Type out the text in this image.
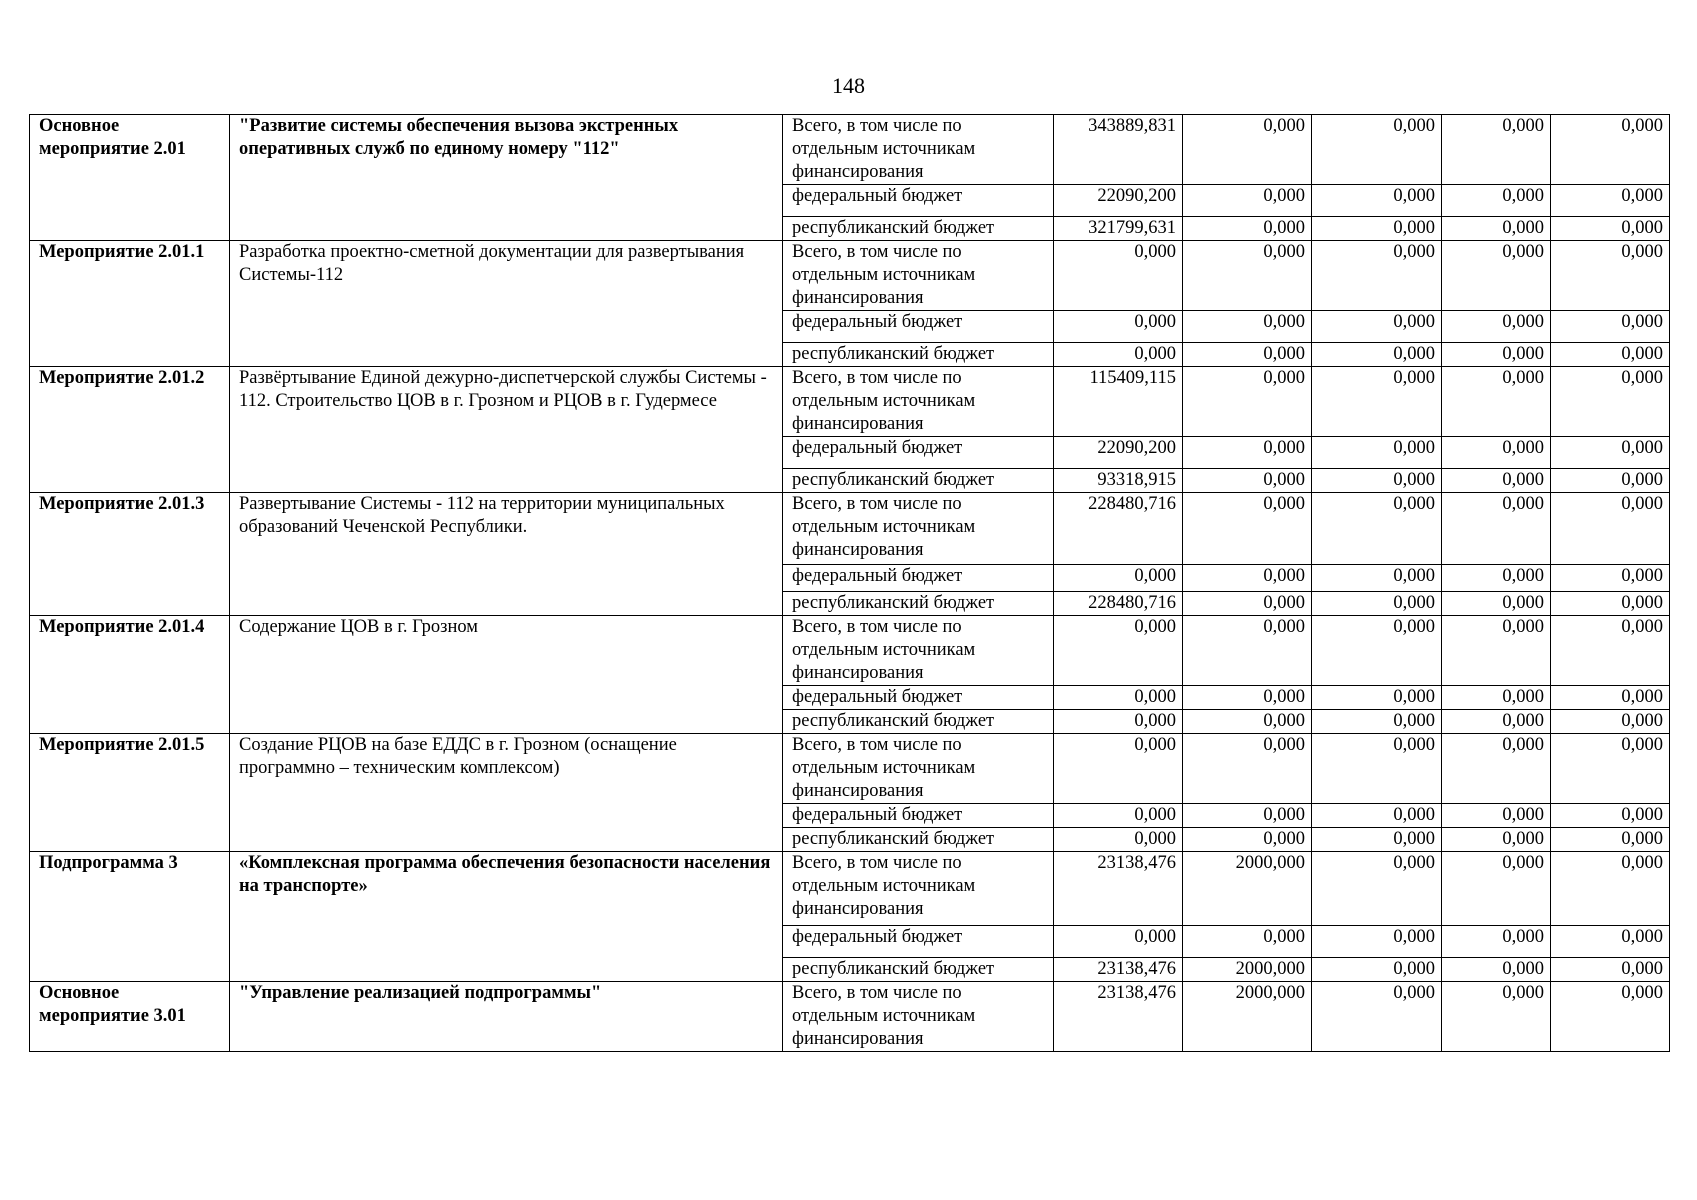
148
Основное мероприятие 2.01	"Развитие системы обеспечения вызова экстренных оперативных служб по единому номеру "112"	Всего, в том числе по отдельным источникам финансирования	343889,831	0,000	0,000	0,000	0,000
		федеральный бюджет	22090,200	0,000	0,000	0,000	0,000
		республиканский бюджет	321799,631	0,000	0,000	0,000	0,000
Мероприятие 2.01.1	Разработка проектно-сметной документации для развертывания Системы-112	Всего, в том числе по отдельным источникам финансирования	0,000	0,000	0,000	0,000	0,000
		федеральный бюджет	0,000	0,000	0,000	0,000	0,000
		республиканский бюджет	0,000	0,000	0,000	0,000	0,000
Мероприятие 2.01.2	Развёртывание Единой дежурно-диспетчерской службы Системы - 112. Строительство ЦОВ в г. Грозном и РЦОВ в г. Гудермесе	Всего, в том числе по отдельным источникам финансирования	115409,115	0,000	0,000	0,000	0,000
		федеральный бюджет	22090,200	0,000	0,000	0,000	0,000
		республиканский бюджет	93318,915	0,000	0,000	0,000	0,000
Мероприятие 2.01.3	Развертывание Системы - 112 на территории муниципальных образований Чеченской Республики.	Всего, в том числе по отдельным источникам финансирования	228480,716	0,000	0,000	0,000	0,000
		федеральный бюджет	0,000	0,000	0,000	0,000	0,000
		республиканский бюджет	228480,716	0,000	0,000	0,000	0,000
Мероприятие 2.01.4	Содержание ЦОВ в г. Грозном	Всего, в том числе по отдельным источникам финансирования	0,000	0,000	0,000	0,000	0,000
		федеральный бюджет	0,000	0,000	0,000	0,000	0,000
		республиканский бюджет	0,000	0,000	0,000	0,000	0,000
Мероприятие 2.01.5	Создание РЦОВ на базе ЕДДС в г. Грозном (оснащение программно – техническим комплексом)	Всего, в том числе по отдельным источникам финансирования	0,000	0,000	0,000	0,000	0,000
		федеральный бюджет	0,000	0,000	0,000	0,000	0,000
		республиканский бюджет	0,000	0,000	0,000	0,000	0,000
Подпрограмма 3	«Комплексная программа обеспечения безопасности населения на транспорте»	Всего, в том числе по отдельным источникам финансирования	23138,476	2000,000	0,000	0,000	0,000
		федеральный бюджет	0,000	0,000	0,000	0,000	0,000
		республиканский бюджет	23138,476	2000,000	0,000	0,000	0,000
Основное мероприятие 3.01	"Управление реализацией подпрограммы"	Всего, в том числе по отдельным источникам финансирования	23138,476	2000,000	0,000	0,000	0,000
